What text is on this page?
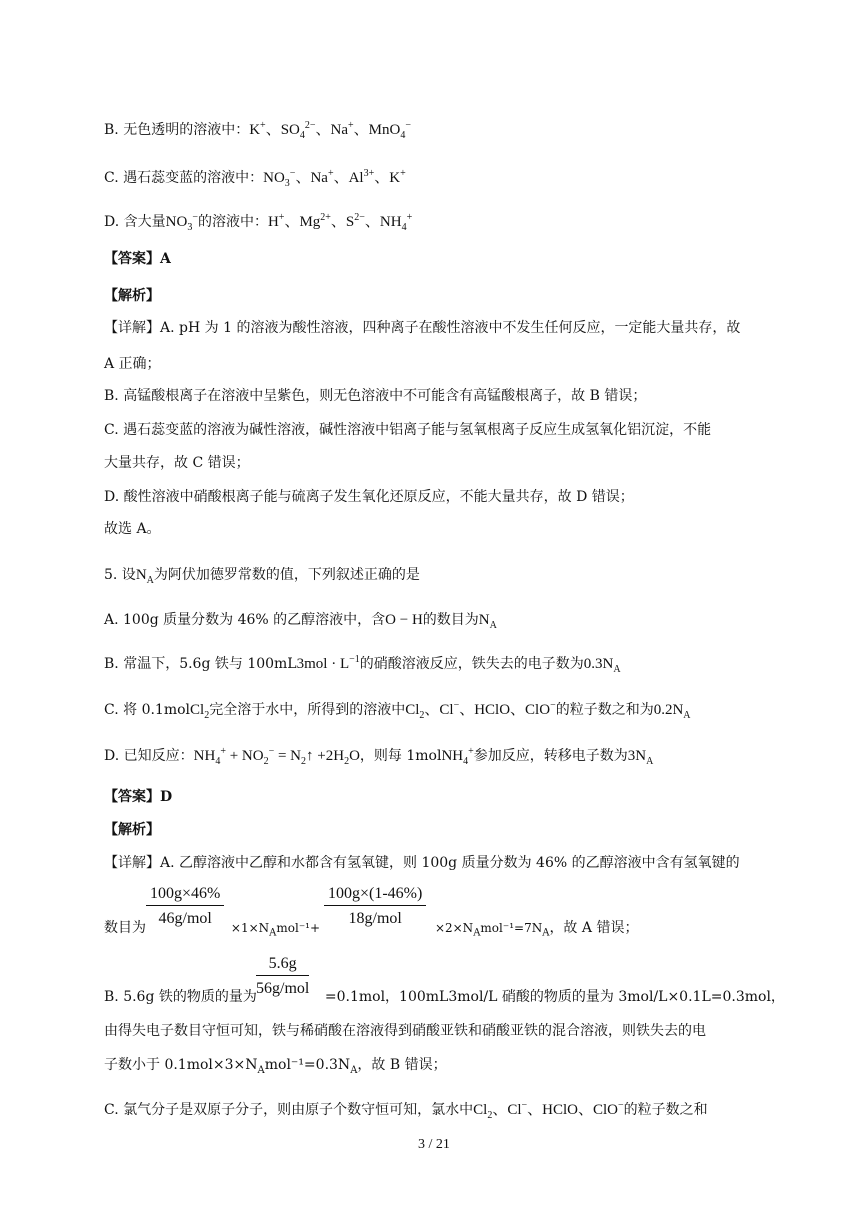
B. 无色透明的溶液中：K+、$SO_4^{2-}$、Na+、MnO$_4$−
C. 遇石蕊变蓝的溶液中：$NO_3^-$、Na+、$Al^{3+}$、K+
D. 含大量$NO_3^-$的溶液中：H+、$Mg^{2+}$、$S^{2-}$、$NH_4^+$
【答案】A
【解析】
【详解】A. pH 为 1 的溶液为酸性溶液，四种离子在酸性溶液中不发生任何反应，一定能大量共存，故
A 正确；
B. 高锰酸根离子在溶液中呈紫色，则无色溶液中不可能含有高锰酸根离子，故 B 错误；
C. 遇石蕊变蓝的溶液为碱性溶液，碱性溶液中铝离子能与氢氧根离子反应生成氢氧化铝沉淀，不能
大量共存，故 C 错误；
D. 酸性溶液中硝酸根离子能与硫离子发生氧化还原反应，不能大量共存，故 D 错误；
故选 A。
5. 设$N_A$为阿伏加德罗常数的值，下列叙述正确的是
A. 100g 质量分数为 46% 的乙醇溶液中，含O − H的数目为$N_A$
B. 常温下，5.6g 铁与 $100mL3mol \cdot L^{-1}$的硝酸溶液反应，铁失去的电子数为$0.3N_A$
C. 将 0.1molCl$_2$完全溶于水中，所得到的溶液中$Cl_2$、Cl−、HClO、ClO−的粒子数之和为$0.2N_A$
D. 已知反应：$NH_4^+ + NO_2^-$ = $N_2↑ +2H_2O$，则每 1molNH$_4$+参加反应，转移电子数为$3N_A$
【答案】D
【解析】
【详解】A. 乙醇溶液中乙醇和水都含有氢氧键，则 100g 质量分数为 46% 的乙醇溶液中含有氢氧键的
100g×46%
46g/mol
100g×(1-46%)
18g/mol
数目为	$\times 1\times N_Amol^{-1}+$	$\times 2\times N_Amol^{-1}=7N_A$，故 A 错误；
5.6g
56g/mol
B. 5.6g 铁的物质的量为	=0.1mol，100mL3mol/L 硝酸的物质的量为 3mol/L×0.1L=0.3mol，
由得失电子数目守恒可知，铁与稀硝酸在溶液得到硝酸亚铁和硝酸亚铁的混合溶液，则铁失去的电
子数小于 $0.1mol\times 3\times N_Amol^{-1}=0.3N_A$，故 B 错误；
C. 氯气分子是双原子分子，则由原子个数守恒可知，氯水中$Cl_2$、Cl−、HClO、ClO−的粒子数之和
3 / 21
